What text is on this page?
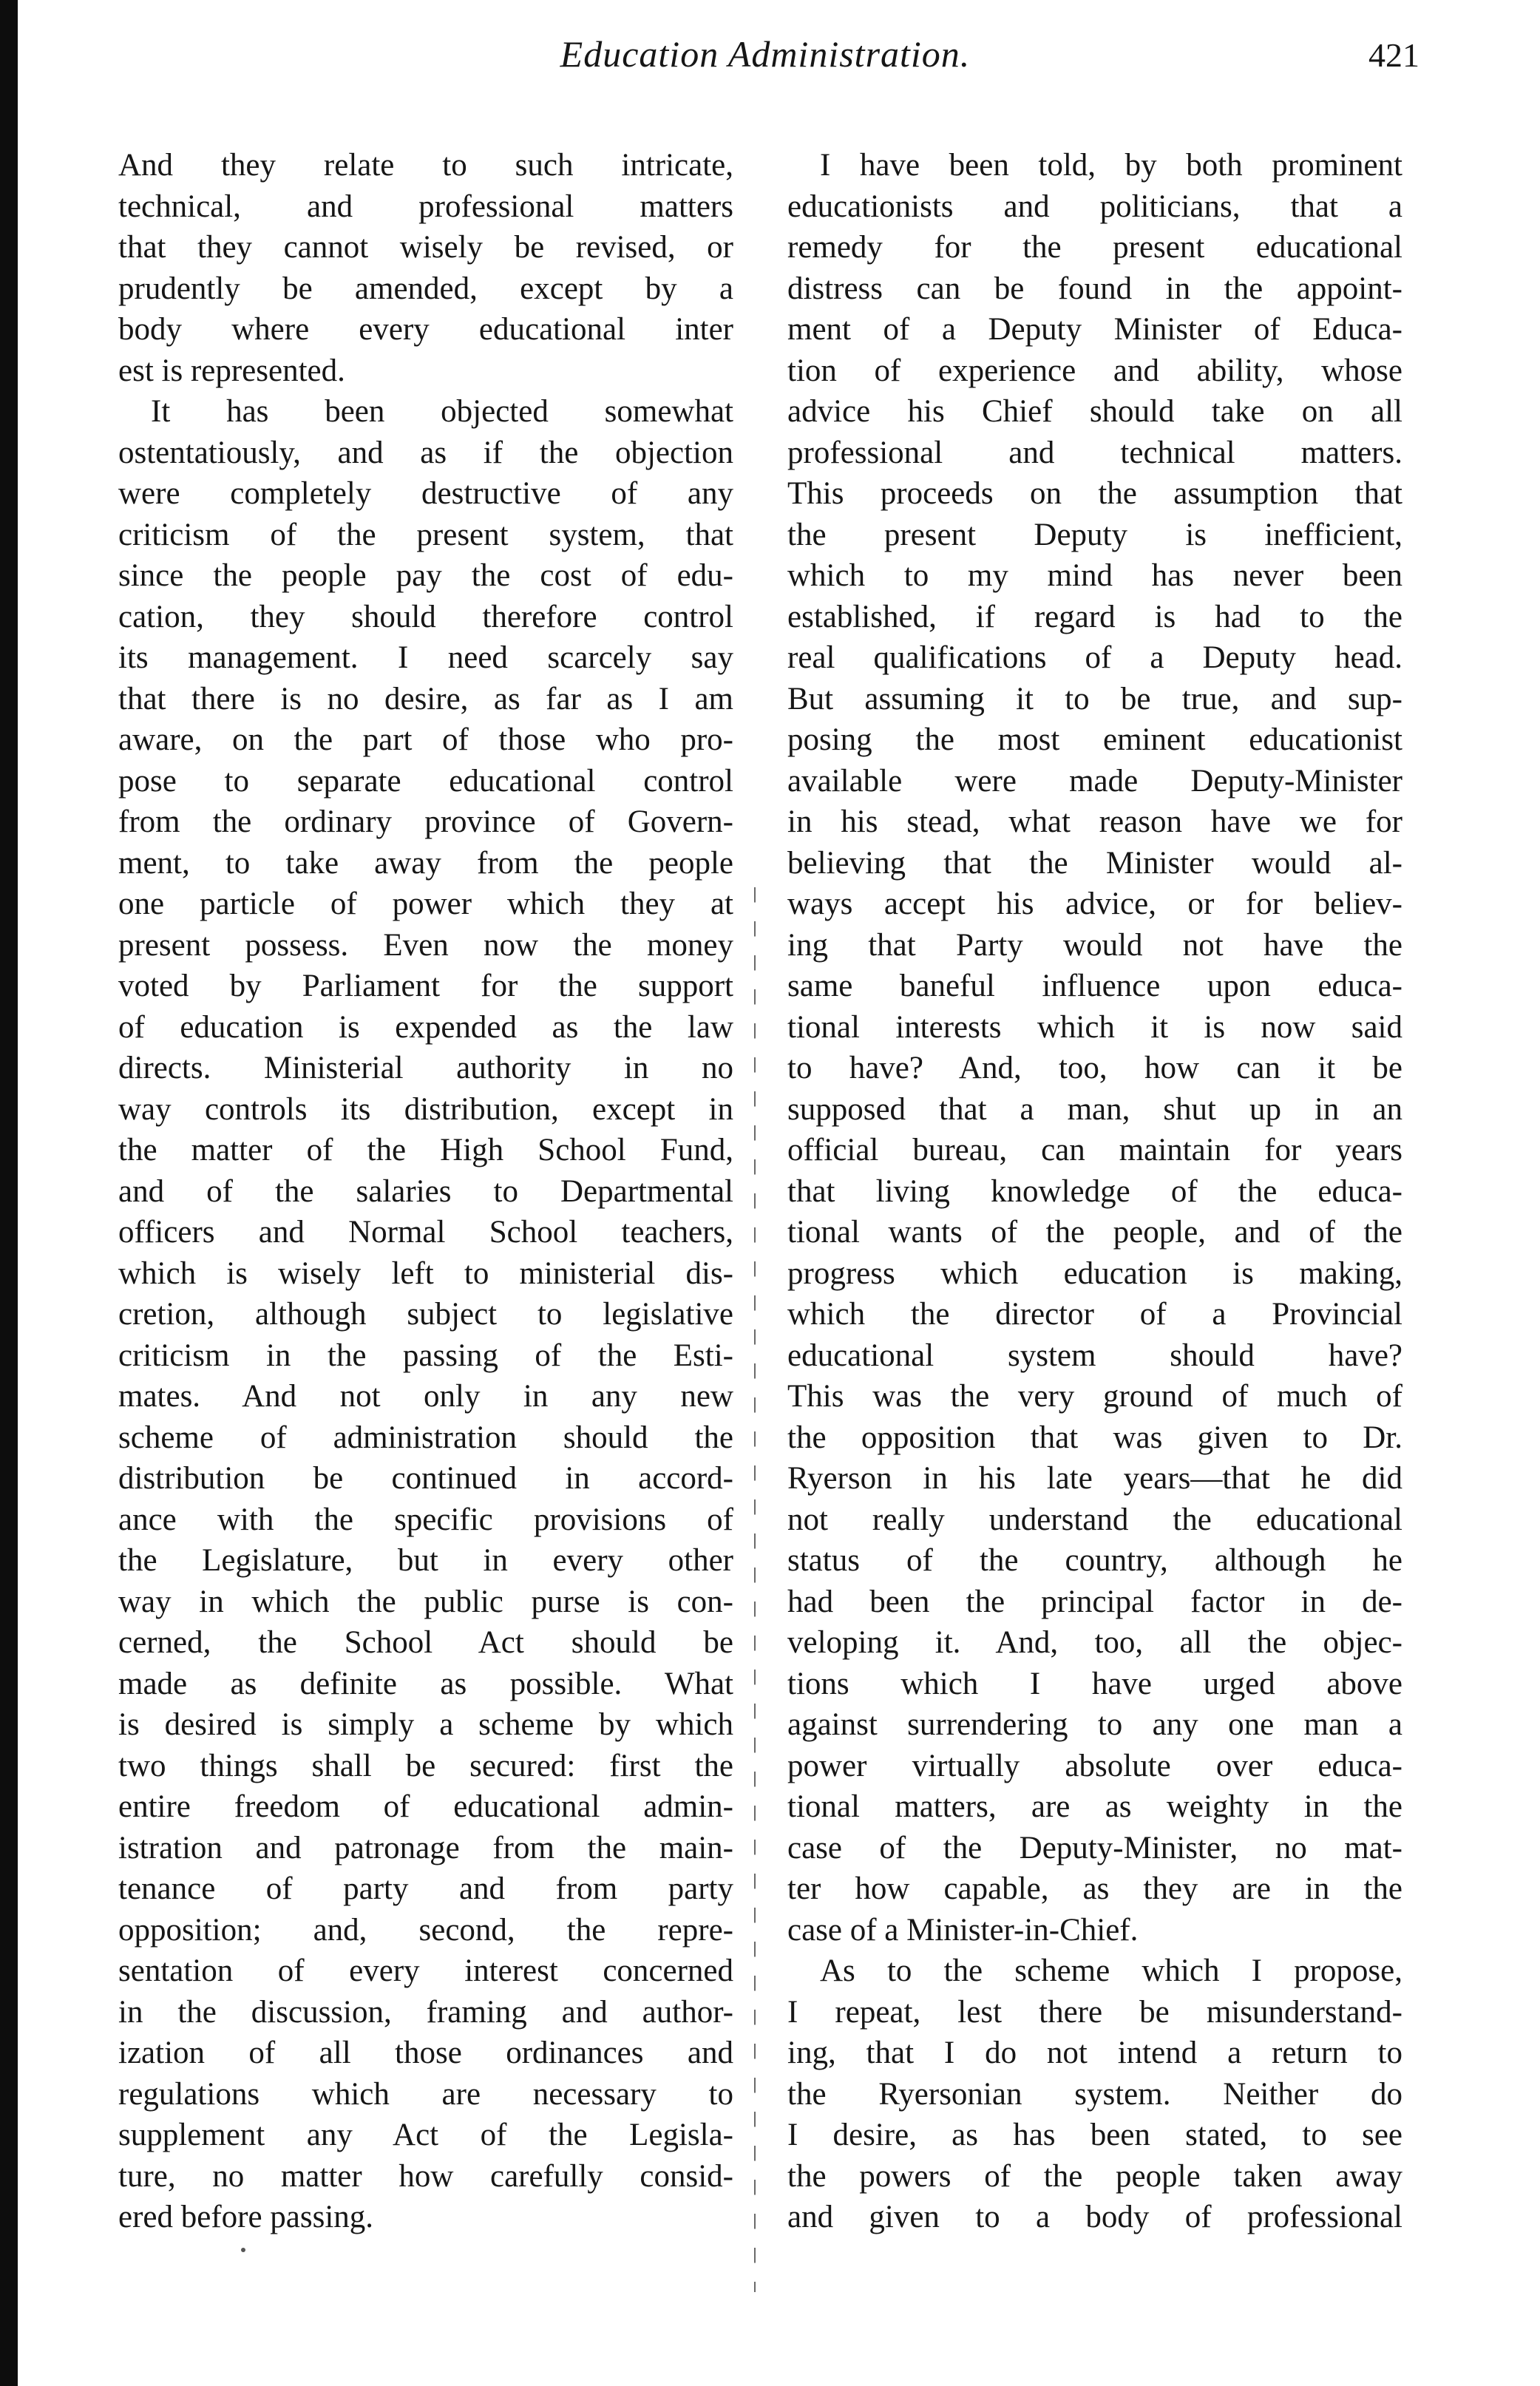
Education Administration.	421
And they relate to such intricate,
technical, and professional matters
that they cannot wisely be revised, or
prudently be amended, except by a
body where every educational inter
est is represented.
It has been objected somewhat
ostentatiously, and as if the objection
were completely destructive of any
criticism of the present system, that
since the people pay the cost of edu-
cation, they should therefore control
its management. I need scarcely say
that there is no desire, as far as I am
aware, on the part of those who pro-
pose to separate educational control
from the ordinary province of Govern-
ment, to take away from the people
one particle of power which they at
present possess. Even now the money
voted by Parliament for the support
of education is expended as the law
directs. Ministerial authority in no
way controls its distribution, except in
the matter of the High School Fund,
and of the salaries to Departmental
officers and Normal School teachers,
which is wisely left to ministerial dis-
cretion, although subject to legislative
criticism in the passing of the Esti-
mates. And not only in any new
scheme of administration should the
distribution be continued in accord-
ance with the specific provisions of
the Legislature, but in every other
way in which the public purse is con-
cerned, the School Act should be
made as definite as possible. What
is desired is simply a scheme by which
two things shall be secured: first the
entire freedom of educational admin-
istration and patronage from the main-
tenance of party and from party
opposition; and, second, the repre-
sentation of every interest concerned
in the discussion, framing and author-
ization of all those ordinances and
regulations which are necessary to
supplement any Act of the Legisla-
ture, no matter how carefully consid-
ered before passing.
I have been told, by both prominent
educationists and politicians, that a
remedy for the present educational
distress can be found in the appoint-
ment of a Deputy Minister of Educa-
tion of experience and ability, whose
advice his Chief should take on all
professional and technical matters.
This proceeds on the assumption that
the present Deputy is inefficient,
which to my mind has never been
established, if regard is had to the
real qualifications of a Deputy head.
But assuming it to be true, and sup-
posing the most eminent educationist
available were made Deputy-Minister
in his stead, what reason have we for
believing that the Minister would al-
ways accept his advice, or for believ-
ing that Party would not have the
same baneful influence upon educa-
tional interests which it is now said
to have? And, too, how can it be
supposed that a man, shut up in an
official bureau, can maintain for years
that living knowledge of the educa-
tional wants of the people, and of the
progress which education is making,
which the director of a Provincial
educational system should have?
This was the very ground of much of
the opposition that was given to Dr.
Ryerson in his late years—that he did
not really understand the educational
status of the country, although he
had been the principal factor in de-
veloping it. And, too, all the objec-
tions which I have urged above
against surrendering to any one man a
power virtually absolute over educa-
tional matters, are as weighty in the
case of the Deputy-Minister, no mat-
ter how capable, as they are in the
case of a Minister-in-Chief.
As to the scheme which I propose,
I repeat, lest there be misunderstand-
ing, that I do not intend a return to
the Ryersonian system. Neither do
I desire, as has been stated, to see
the powers of the people taken away
and given to a body of professional
